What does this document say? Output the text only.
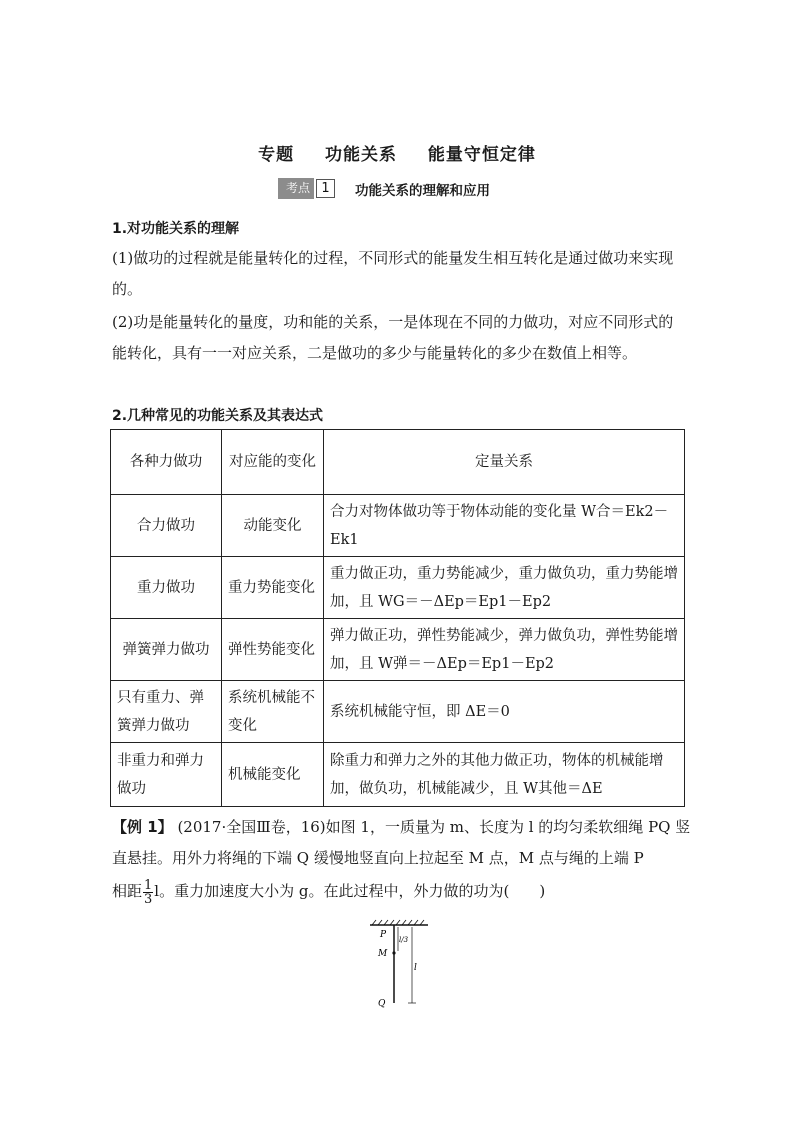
专题 功能关系 能量守恒定律
考点 1	功能关系的理解和应用
1.对功能关系的理解
(1)做功的过程就是能量转化的过程，不同形式的能量发生相互转化是通过做功来实现的。
(2)功是能量转化的量度，功和能的关系，一是体现在不同的力做功，对应不同形式的能转化，具有一一对应关系，二是做功的多少与能量转化的多少在数值上相等。
2.几种常见的功能关系及其表达式
各种力做功	对应能的变化	定量关系
合力做功	动能变化	合力对物体做功等于物体动能的变化量 W合＝Ek2－Ek1
重力做功	重力势能变化	重力做正功，重力势能减少，重力做负功，重力势能增加，且 WG＝－ΔEp＝Ep1－Ep2
弹簧弹力做功	弹性势能变化	弹力做正功，弹性势能减少，弹力做负功，弹性势能增加，且 W弹＝－ΔEp＝Ep1－Ep2
只有重力、弹簧弹力做功	系统机械能不变化	系统机械能守恒，即 ΔE＝0
非重力和弹力做功	机械能变化	除重力和弹力之外的其他力做正功，物体的机械能增加，做负功，机械能减少，且 W其他＝ΔE
【例 1】 (2017·全国Ⅲ卷，16)如图 1，一质量为 m、长度为 l 的均匀柔软细绳 PQ 竖直悬挂。用外力将绳的下端 Q 缓慢地竖直向上拉起至 M 点，M 点与绳的上端 P
相距 $\frac{1}{3}$ l。重力加速度大小为 g。在此过程中，外力做的功为(　　)
P
M
Q
l/3
l
